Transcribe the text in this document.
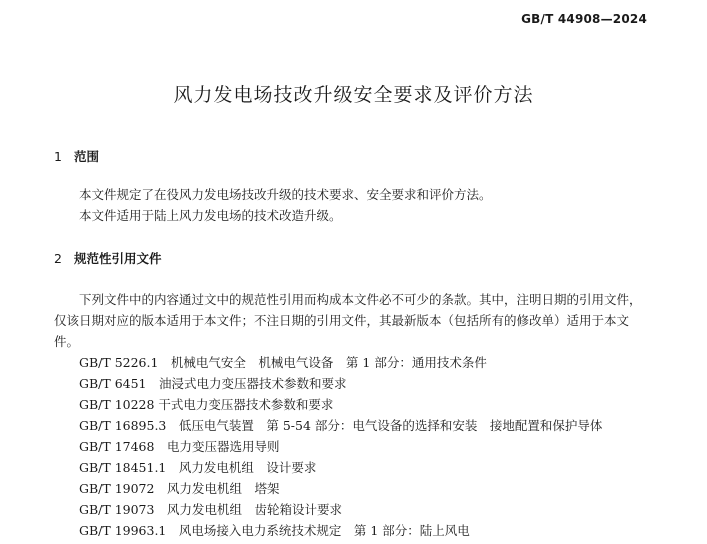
GB/T 44908—2024
风力发电场技改升级安全要求及评价方法
1 范围
本文件规定了在役风力发电场技改升级的技术要求、安全要求和评价方法。
本文件适用于陆上风力发电场的技术改造升级。
2 规范性引用文件
下列文件中的内容通过文中的规范性引用而构成本文件必不可少的条款。其中，注明日期的引用文件，仅该日期对应的版本适用于本文件；不注日期的引用文件，其最新版本（包括所有的修改单）适用于本文件。
GB/T 5226.1　机械电气安全　机械电气设备　第 1 部分：通用技术条件
GB/T 6451　油浸式电力变压器技术参数和要求
GB/T 10228 干式电力变压器技术参数和要求
GB/T 16895.3　低压电气装置　第 5-54 部分：电气设备的选择和安装　接地配置和保护导体
GB/T 17468　电力变压器选用导则
GB/T 18451.1　风力发电机组　设计要求
GB/T 19072　风力发电机组　塔架
GB/T 19073　风力发电机组　齿轮箱设计要求
GB/T 19963.1　风电场接入电力系统技术规定　第 1 部分：陆上风电
